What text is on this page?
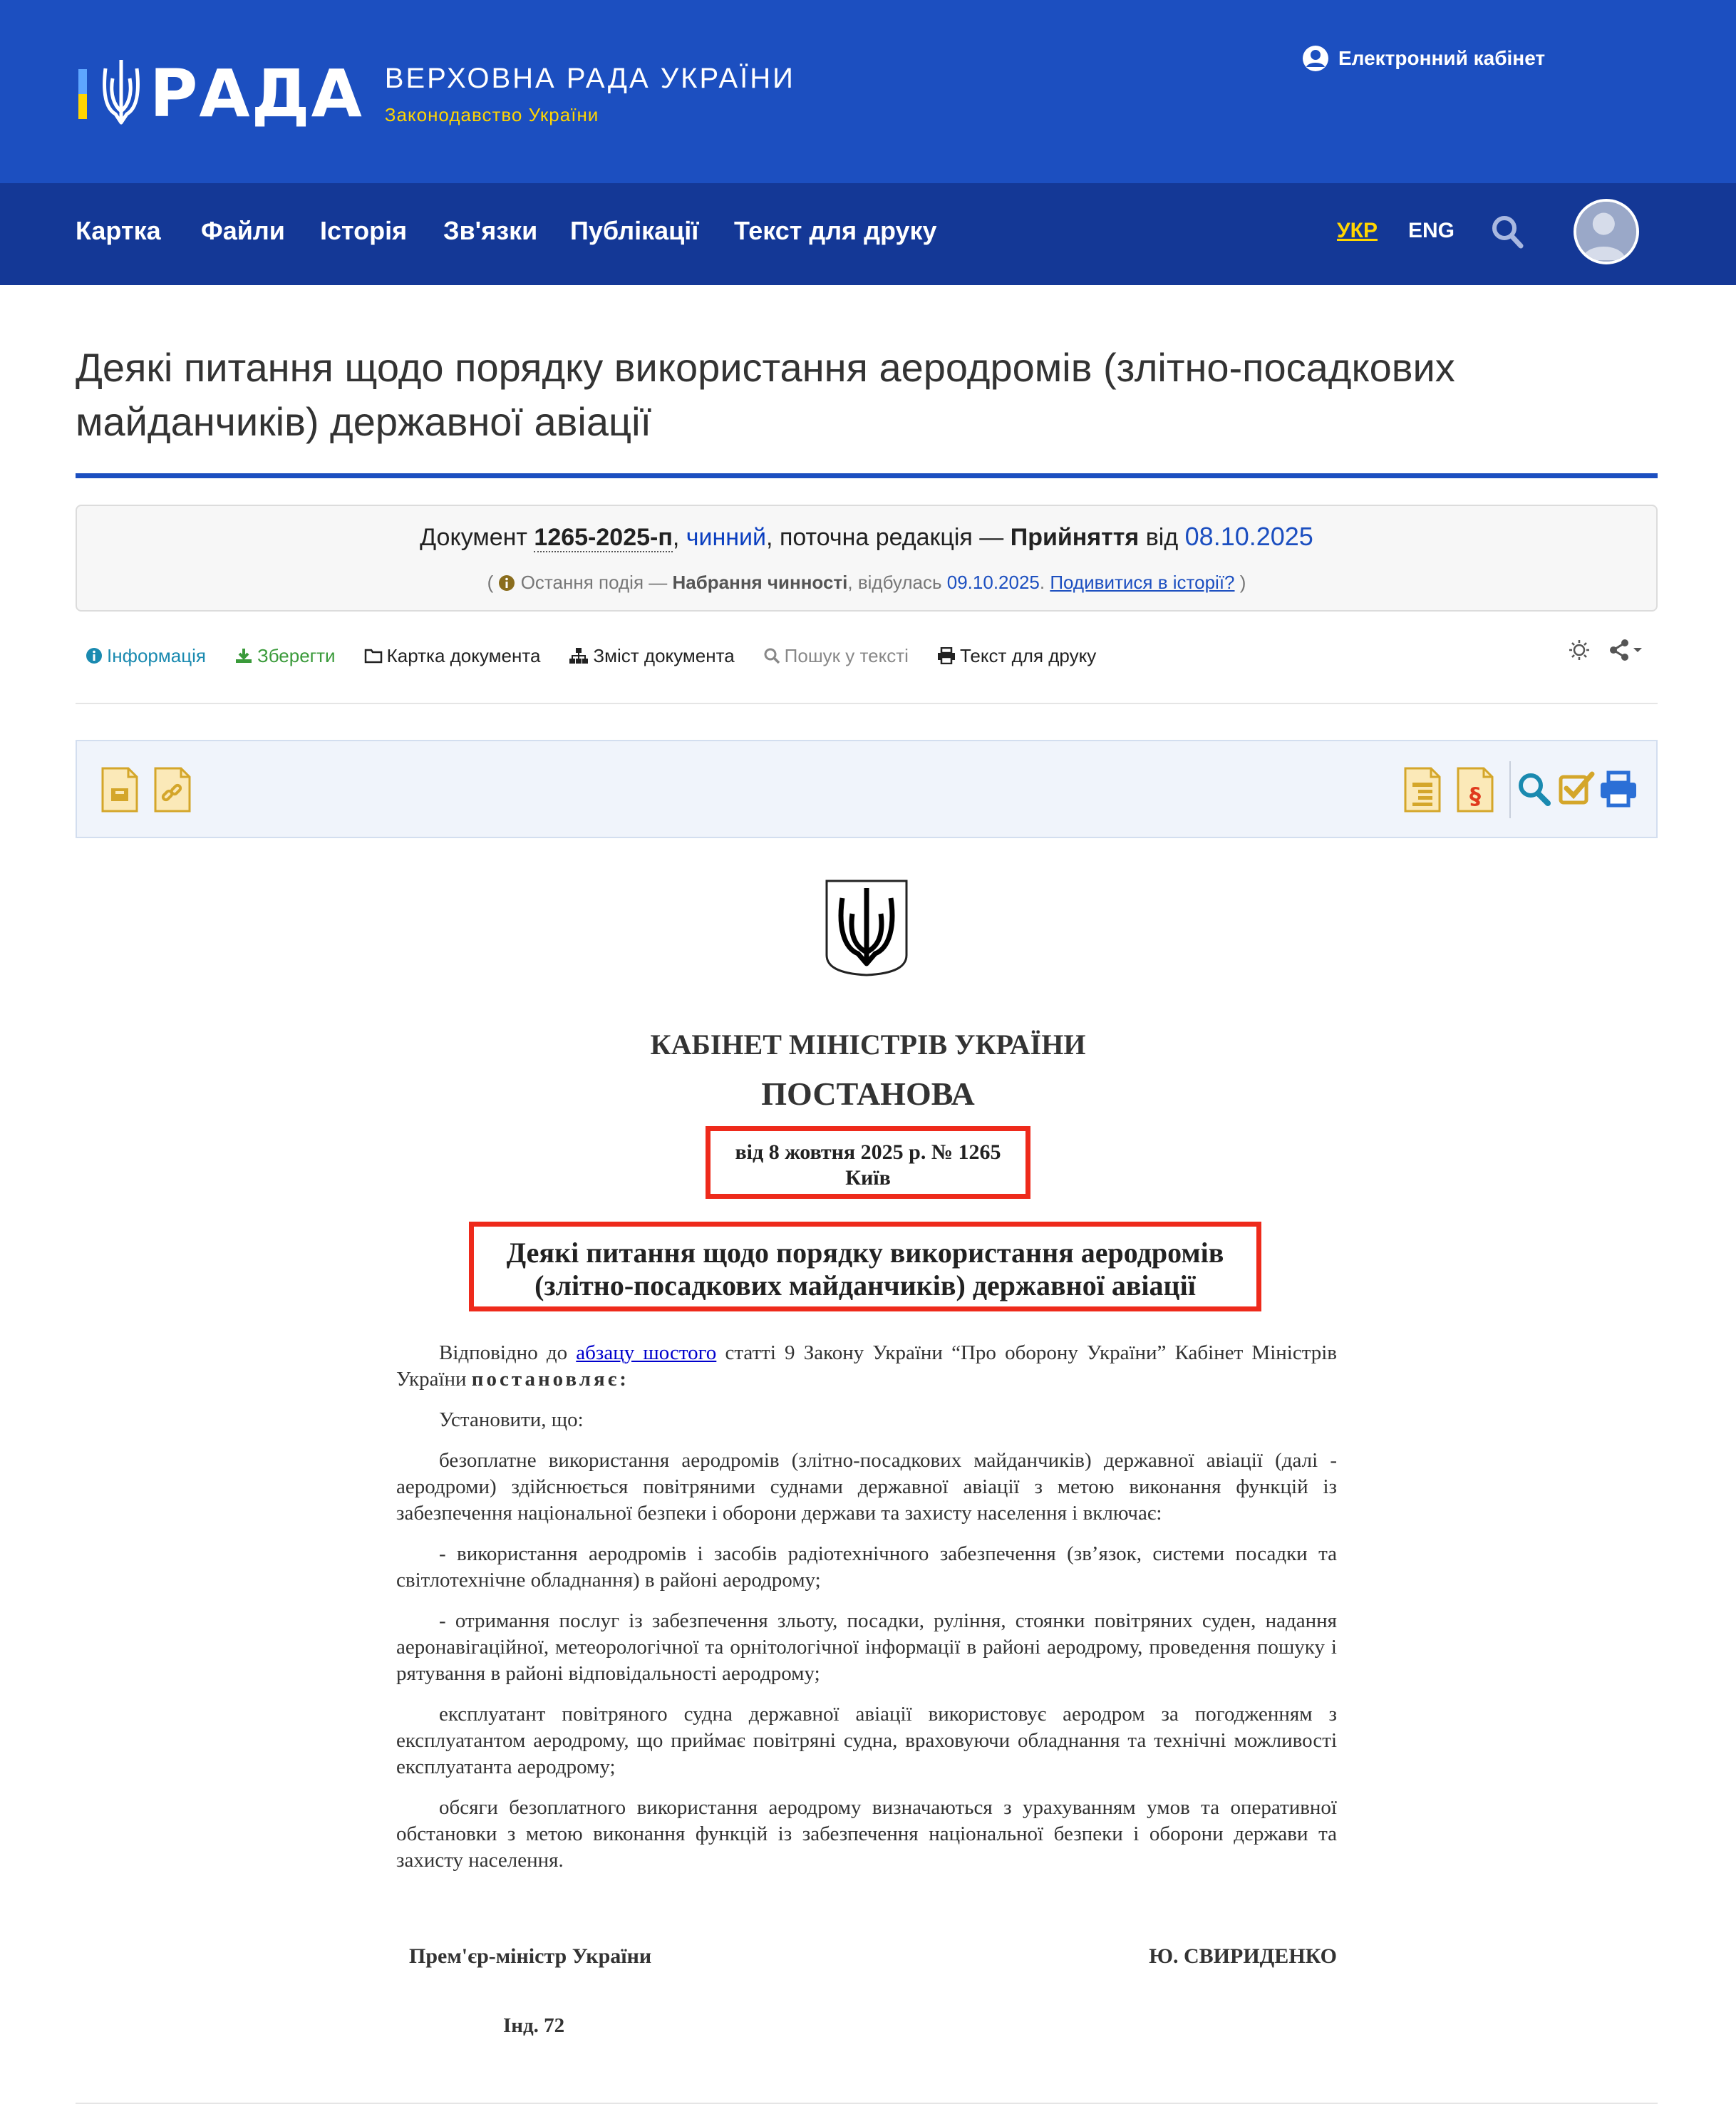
РАДА ВЕРХОВНА РАДА УКРАЇНИ
Законодавство України
Електронний кабінет
Картка Файли Історія Зв'язки Публікації Текст для друку	УКР ENG
Деякі питання щодо порядку використання аеродромів (злітно-посадкових
майданчиків) державної авіації
Документ 1265-2025-п, чинний, поточна редакція — Прийняття від 08.10.2025
(  Остання подія — Набрання чинності, відбулась 09.10.2025. Подивитися в історії? )
Інформація	Зберегти	Картка документа	Зміст документа	Пошук у тексті	Текст для друку
§
КАБІНЕТ МІНІСТРІВ УКРАЇНИ
ПОСТАНОВА
від 8 жовтня 2025 р. № 1265
Київ
Деякі питання щодо порядку використання аеродромів
(злітно-посадкових майданчиків) державної авіації

Відповідно до абзацу шостого статті 9 Закону України “Про оборону України” Кабінет Міністрів України постановляє:

Установити, що:

безоплатне використання аеродромів (злітно-посадкових майданчиків) державної авіації (далі - аеродроми) здійснюється повітряними суднами державної авіації з метою виконання функцій із забезпечення національної безпеки і оборони держави та захисту населення і включає:

- використання аеродромів і засобів радіотехнічного забезпечення (зв’язок, системи посадки та світлотехнічне обладнання) в районі аеродрому;

- отримання послуг із забезпечення зльоту, посадки, руління, стоянки повітряних суден, надання аеронавігаційної, метеорологічної та орнітологічної інформації в районі аеродрому, проведення пошуку і рятування в районі відповідальності аеродрому;

експлуатант повітряного судна державної авіації використовує аеродром за погодженням з експлуатантом аеродрому, що приймає повітряні судна, враховуючи обладнання та технічні можливості експлуатанта аеродрому;

обсяги безоплатного використання аеродрому визначаються з урахуванням умов та оперативної обстановки з метою виконання функцій із забезпечення національної безпеки і оборони держави та захисту населення.

Прем'єр-міністр України	Ю. СВИРИДЕНКО
Інд. 72
